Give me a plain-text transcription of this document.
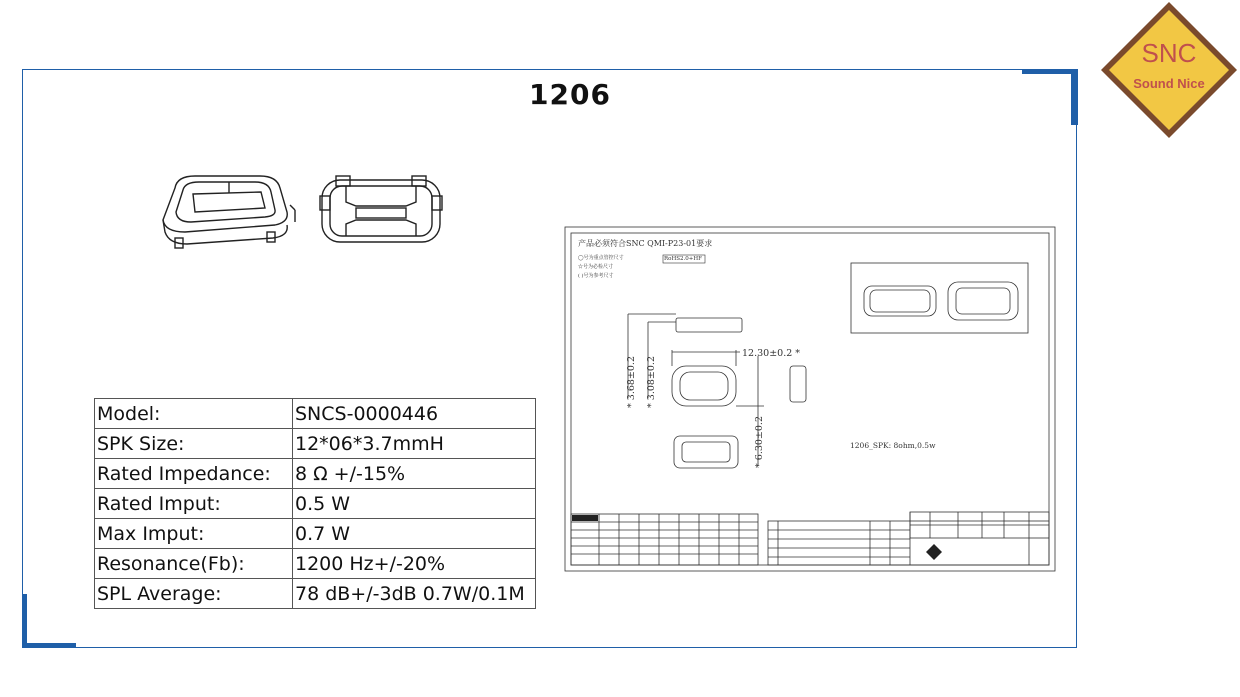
1206
SNC
Sound Nice
Model:	SNCS-0000446
SPK Size:	12*06*3.7mmH
Rated Impedance:	8 Ω +/-15%
Rated Imput:	0.5 W
Max Imput:	0.7 W
Resonance(Fb):	1200 Hz+/-20%
SPL Average:	78 dB+/-3dB 0.7W/0.1M
产品必须符合SNC QMI-P23-01要求
◯号为重点管控尺寸
☆号为必检尺寸
( )号为参考尺寸
RoHS2.0+HF
12.30±0.2 *
* 3.68±0.2 * 3.08±0.2
* 6.30±0.2	1206_SPK: 8ohm,0.5w
